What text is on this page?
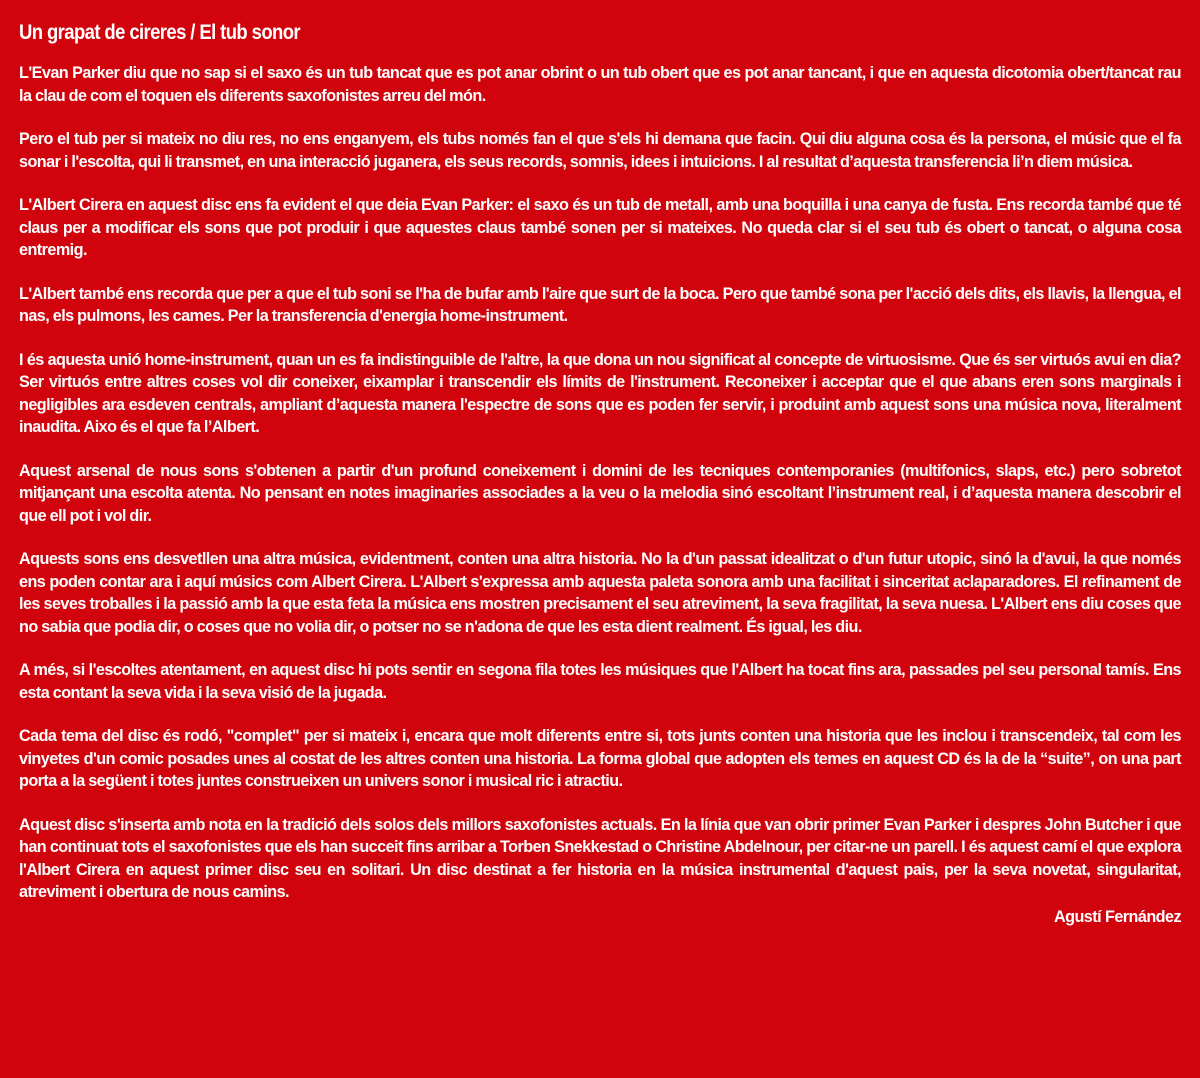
Un grapat de cireres / El tub sonor

L'Evan Parker diu que no sap si el saxo és un tub tancat que es pot anar obrint o un tub obert que es pot anar tancant, i que en aquesta dicotomia obert/tancat rau la clau de com el toquen els diferents saxofonistes arreu del món.

Pero el tub per si mateix no diu res, no ens enganyem, els tubs només fan el que s'els hi demana que facin. Qui diu alguna cosa és la persona, el músic que el fa sonar i l'escolta, qui li transmet, en una interacció juganera, els seus records, somnis, idees i intuicions. I al resultat d’aquesta transferencia li’n diem música.

L'Albert Cirera en aquest disc ens fa evident el que deia Evan Parker: el saxo és un tub de metall, amb una boquilla i una canya de fusta. Ens recorda també que té claus per a modificar els sons que pot produir i que aquestes claus també sonen per si mateixes. No queda clar si el seu tub és obert o tancat, o alguna cosa entremig.

L'Albert també ens recorda que per a que el tub soni se l'ha de bufar amb l'aire que surt de la boca. Pero que també sona per l'acció dels dits, els llavis, la llengua, el nas, els pulmons, les cames. Per la transferencia d'energia home-instrument.

I és aquesta unió home-instrument, quan un es fa indistinguible de l'altre, la que dona un nou significat al concepte de virtuosisme. Que és ser virtuós avui en dia? Ser virtuós entre altres coses vol dir coneixer, eixamplar i transcendir els límits de l'instrument. Reconeixer i acceptar que el que abans eren sons marginals i negligibles ara esdeven centrals, ampliant d’aquesta manera l'espectre de sons que es poden fer servir, i produint amb aquest sons una música nova, literalment inaudita. Aixo és el que fa l’Albert.

Aquest arsenal de nous sons s'obtenen a partir d'un profund coneixement i domini de les tecniques contemporanies (multifonics, slaps, etc.) pero sobretot mitjançant una escolta atenta. No pensant en notes imaginaries associades a la veu o la melodia sinó escoltant l’instrument real, i d’aquesta manera descobrir el que ell pot i vol dir.

Aquests sons ens desvetllen una altra música, evidentment, conten una altra historia. No la d'un passat idealitzat o d'un futur utopic, sinó la d'avui, la que només ens poden contar ara i aquí músics com Albert Cirera. L'Albert s'expressa amb aquesta paleta sonora amb una facilitat i sinceritat aclaparadores. El refinament de les seves troballes i la passió amb la que esta feta la música ens mostren precisament el seu atreviment, la seva fragilitat, la seva nuesa. L'Albert ens diu coses que no sabia que podia dir, o coses que no volia dir, o potser no se n'adona de que les esta dient realment. És igual, les diu.

A més, si l'escoltes atentament, en aquest disc hi pots sentir en segona fila totes les músiques que l'Albert ha tocat fins ara, passades pel seu personal tamís. Ens esta contant la seva vida i la seva visió de la jugada.

Cada tema del disc és rodó, "complet" per si mateix i, encara que molt diferents entre si, tots junts conten una historia que les inclou i transcendeix, tal com les vinyetes d'un comic posades unes al costat de les altres conten una historia. La forma global que adopten els temes en aquest CD és la de la “suite”, on una part porta a la següent i totes juntes construeixen un univers sonor i musical ric i atractiu.

Aquest disc s'inserta amb nota en la tradició dels solos dels millors saxofonistes actuals. En la línia que van obrir primer Evan Parker i despres John Butcher i que han continuat tots el saxofonistes que els han succeit fins arribar a Torben Snekkestad o Christine Abdelnour, per citar-ne un parell. I és aquest camí el que explora l'Albert Cirera en aquest primer disc seu en solitari. Un disc destinat a fer historia en la música instrumental d'aquest pais, per la seva novetat, singularitat, atreviment i obertura de nous camins.

Agustí Fernández
